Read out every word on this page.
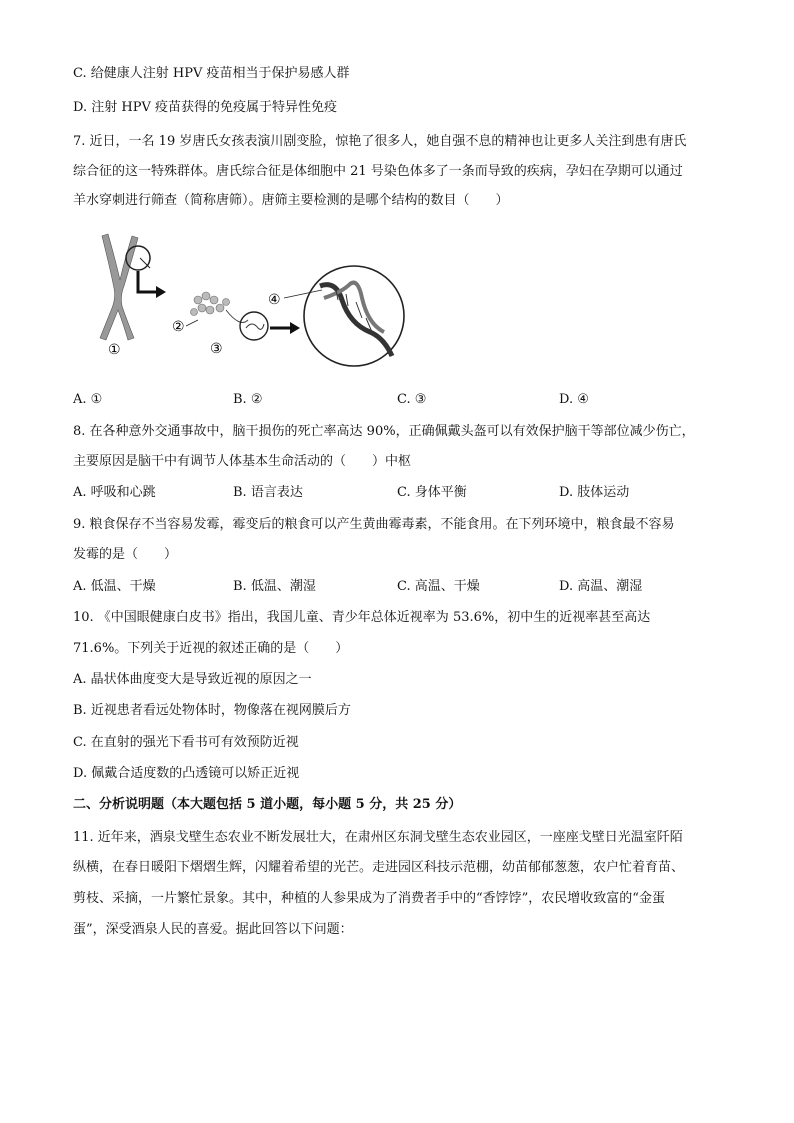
C. 给健康人注射 HPV 疫苗相当于保护易感人群
D. 注射 HPV 疫苗获得的免疫属于特异性免疫
7. 近日，一名 19 岁唐氏女孩表演川剧变脸，惊艳了很多人，她自强不息的精神也让更多人关注到患有唐氏
综合征的这一特殊群体。唐氏综合征是体细胞中 21 号染色体多了一条而导致的疾病，孕妇在孕期可以通过
羊水穿刺进行筛查（简称唐筛）。唐筛主要检测的是哪个结构的数目（　　）
①
②
③
④
A. ①	B. ②	C. ③	D. ④
8. 在各种意外交通事故中，脑干损伤的死亡率高达 90%，正确佩戴头盔可以有效保护脑干等部位减少伤亡，
主要原因是脑干中有调节人体基本生命活动的（　　）中枢
A. 呼吸和心跳	B. 语言表达	C. 身体平衡	D. 肢体运动
9. 粮食保存不当容易发霉，霉变后的粮食可以产生黄曲霉毒素，不能食用。在下列环境中，粮食最不容易
发霉的是（　　）
A. 低温、干燥	B. 低温、潮湿	C. 高温、干燥	D. 高温、潮湿
10. 《中国眼健康白皮书》指出，我国儿童、青少年总体近视率为 53.6%，初中生的近视率甚至高达
71.6%。下列关于近视的叙述正确的是（　　）
A. 晶状体曲度变大是导致近视的原因之一
B. 近视患者看远处物体时，物像落在视网膜后方
C. 在直射的强光下看书可有效预防近视
D. 佩戴合适度数的凸透镜可以矫正近视
二、分析说明题（本大题包括 5 道小题，每小题 5 分，共 25 分）
11. 近年来，酒泉戈壁生态农业不断发展壮大，在肃州区东洞戈壁生态农业园区，一座座戈壁日光温室阡陌
纵横，在春日暖阳下熠熠生辉，闪耀着希望的光芒。走进园区科技示范棚，幼苗郁郁葱葱，农户忙着育苗、
剪枝、采摘，一片繁忙景象。其中，种植的人参果成为了消费者手中的“香饽饽”，农民增收致富的“金蛋
蛋”，深受酒泉人民的喜爱。据此回答以下问题：
